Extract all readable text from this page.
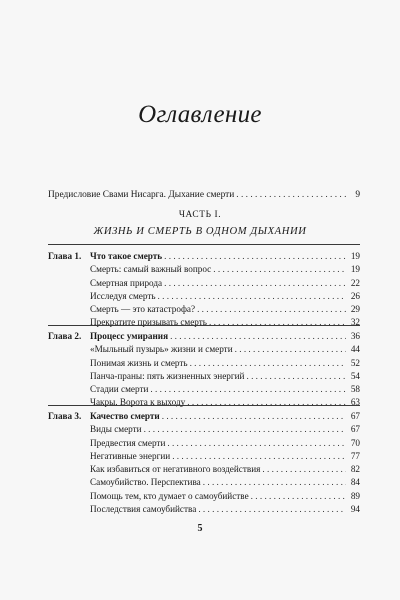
Оглавление
Предисловие Свами Нисарга. Дыхание смерти . . .	9
ЧАСТЬ I.
ЖИЗНЬ И СМЕРТЬ В ОДНОМ ДЫХАНИИ
Глава 1. Что такое смерть . . .	19
Смерть: самый важный вопрос . . .	19
Смертная природа . . .	22
Исследуя смерть . . .	26
Смерть — это катастрофа? . . .	29
Прекратите призывать смерть . . .	32
Глава 2. Процесс умирания . . .	36
«Мыльный пузырь» жизни и смерти . . .	44
Понимая жизнь и смерть . . .	52
Панча-праны: пять жизненных энергий . . .	54
Стадии смерти . . .	58
Чакры. Ворота к выходу . . .	63
Глава 3. Качество смерти . . .	67
Виды смерти . . .	67
Предвестия смерти . . .	70
Негативные энергии . . .	77
Как избавиться от негативного воздействия . . .	82
Самоубийство. Перспектива . . .	84
Помощь тем, кто думает о самоубийстве . . .	89
Последствия самоубийства . . .	94
5
